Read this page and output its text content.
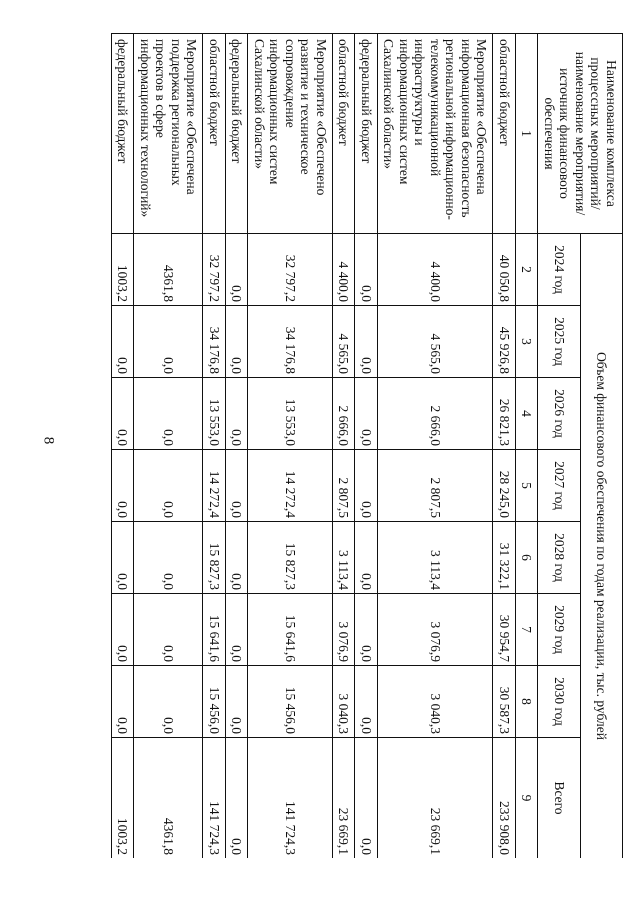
8
Наименование комплекса процессных мероприятий/наименование мероприятия/источник финансового обеспечения	Объем финансового обеспечения по годам реализации, тыс. рублей							
	2024 год	2025 год	2026 год	2027 год	2028 год	2029 год	2030 год	Всего
1	2	3	4	5	6	7	8	9
областной бюджет	40 050,8	45 926,8	26 821,3	28 245,0	31 322,1	30 954,7	30 587,3	233 908,0
Мероприятие «Обеспечена информационная безопасность региональной информационно-телекоммуникационной инфраструктуры и информационных систем Сахалинской области»	4 400,0	4 565,0	2 666,0	2 807,5	3 113,4	3 076,9	3 040,3	23 669,1
федеральный бюджет	0,0	0,0	0,0	0,0	0,0	0,0	0,0	0,0
областной бюджет	4 400,0	4 565,0	2 666,0	2 807,5	3 113,4	3 076,9	3 040,3	23 669,1
Мероприятие «Обеспечено развитие и техническое сопровождение информационных систем Сахалинской области»	32 797,2	34 176,8	13 553,0	14 272,4	15 827,3	15 641,6	15 456,0	141 724,3
федеральный бюджет	0,0	0,0	0,0	0,0	0,0	0,0	0,0	0,0
областной бюджет	32 797,2	34 176,8	13 553,0	14 272,4	15 827,3	15 641,6	15 456,0	141 724,3
Мероприятие «Обеспечена поддержка региональных проектов в сфере информационных технологий»	4361,8	0,0	0,0	0,0	0,0	0,0	0,0	4361,8
федеральный бюджет	1003,2	0,0	0,0	0,0	0,0	0,0	0,0	1003,2
